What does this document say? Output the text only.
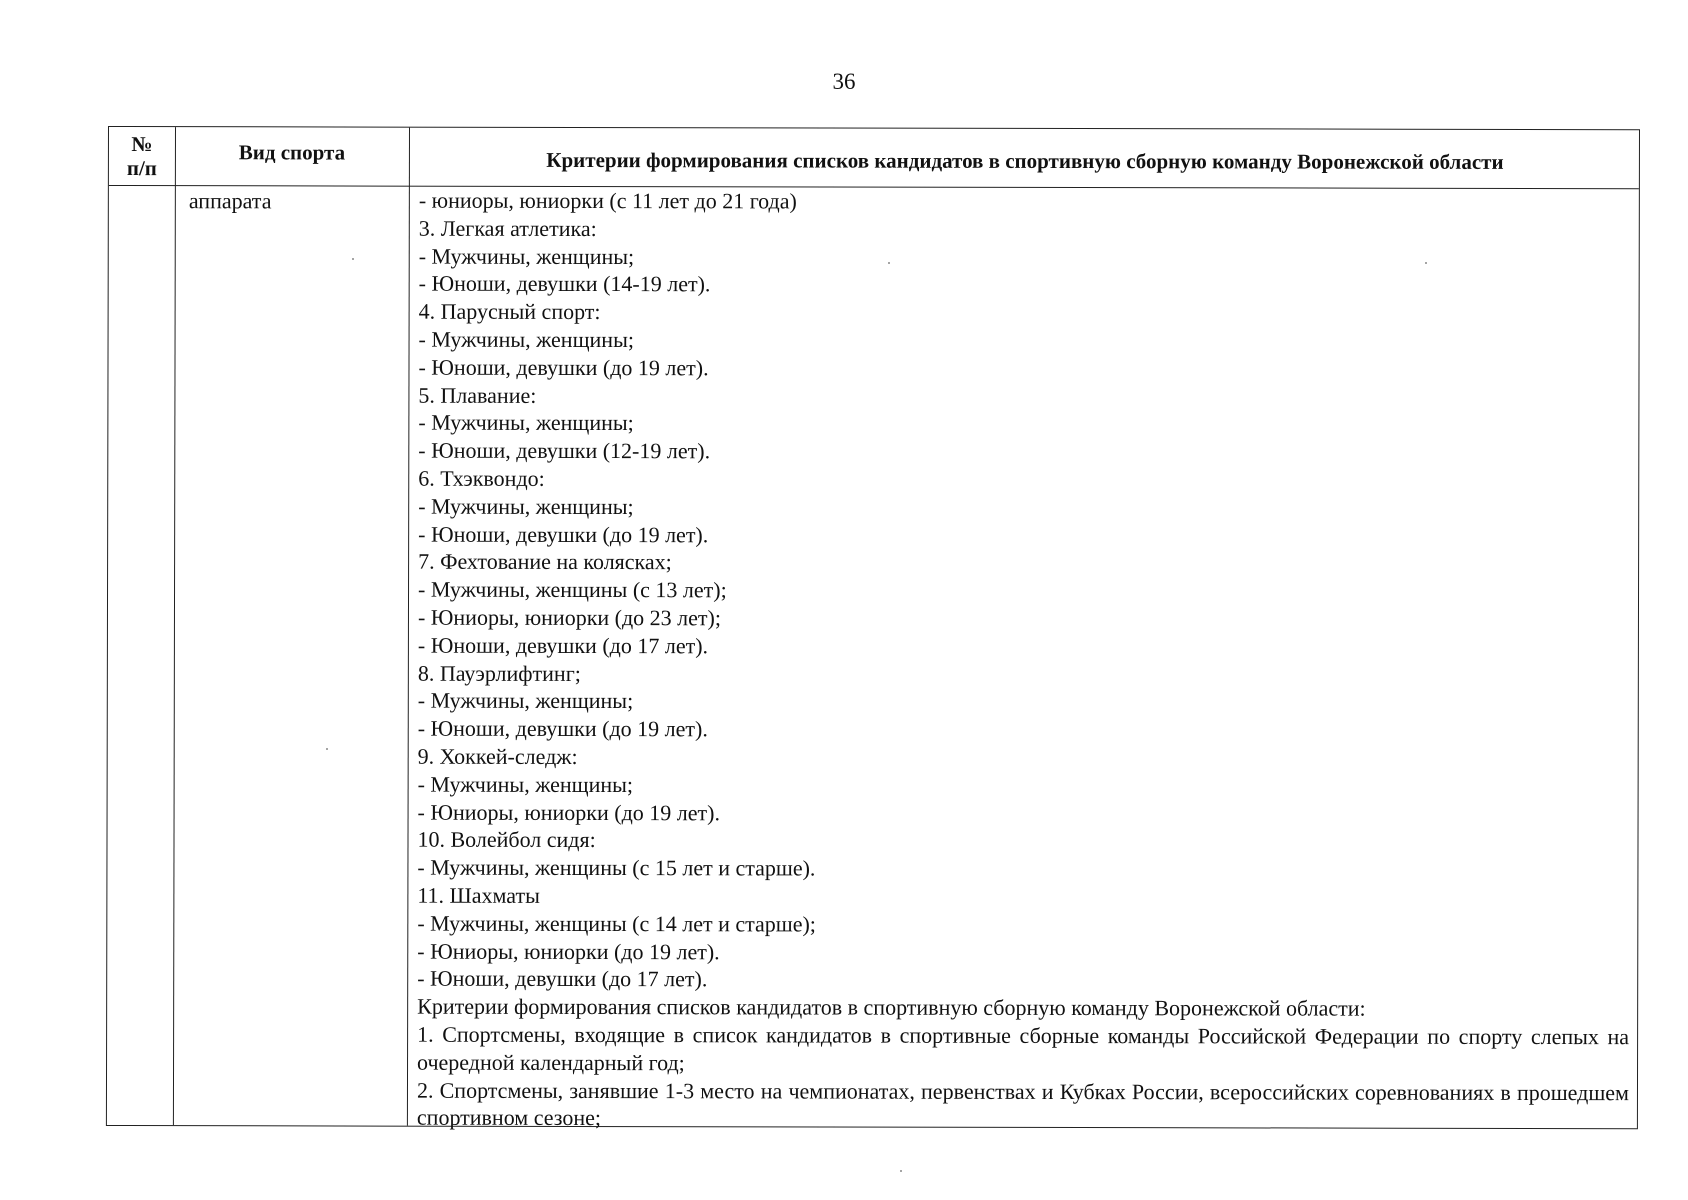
36
№ п/п
Вид спорта	Критерии формирования списков кандидатов в спортивную сборную команду Воронежской области
аппарата	- юниоры, юниорки (с 11 лет до 21 года)
3. Легкая атлетика:
- Мужчины, женщины;
- Юноши, девушки (14-19 лет).
4. Парусный спорт:
- Мужчины, женщины;
- Юноши, девушки (до 19 лет).
5. Плавание:
- Мужчины, женщины;
- Юноши, девушки (12-19 лет).
6. Тхэквондо:
- Мужчины, женщины;
- Юноши, девушки (до 19 лет).
7. Фехтование на колясках;
- Мужчины, женщины (с 13 лет);
- Юниоры, юниорки (до 23 лет);
- Юноши, девушки (до 17 лет).
8. Пауэрлифтинг;
- Мужчины, женщины;
- Юноши, девушки (до 19 лет).
9. Хоккей-следж:
- Мужчины, женщины;
- Юниоры, юниорки (до 19 лет).
10. Волейбол сидя:
- Мужчины, женщины (с 15 лет и старше).
11. Шахматы
- Мужчины, женщины (с 14 лет и старше);
- Юниоры, юниорки (до 19 лет).
- Юноши, девушки (до 17 лет).
Критерии формирования списков кандидатов в спортивную сборную команду Воронежской области:
1. Спортсмены, входящие в список кандидатов в спортивные сборные команды Российской Федерации по спорту слепых на очередной календарный год;
2. Спортсмены, занявшие 1-3 место на чемпионатах, первенствах и Кубках России, всероссийских соревнованиях в прошедшем спортивном сезоне;
